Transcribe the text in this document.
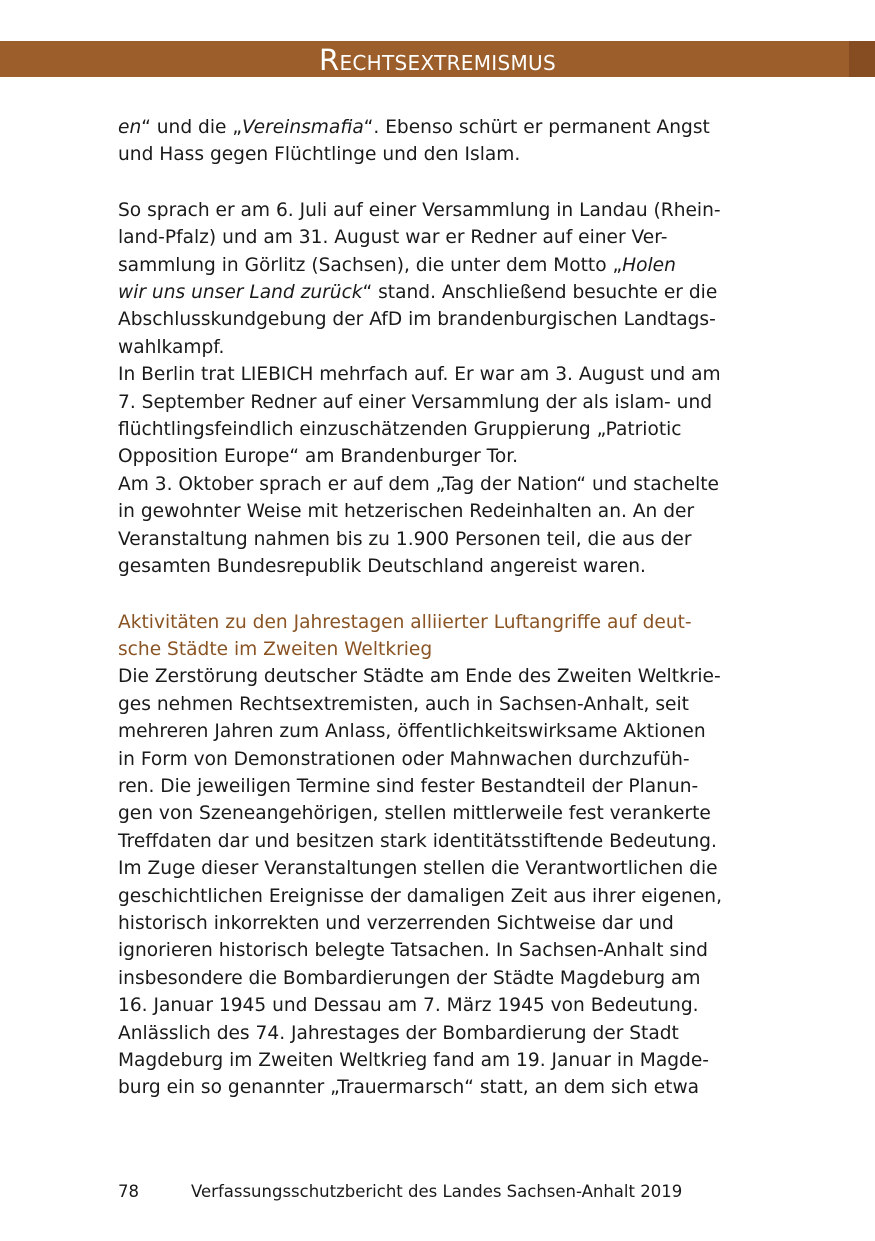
Rechtsextremismus

en“ und die „Vereinsmafia“. Ebenso schürt er permanent Angst
und Hass gegen Flüchtlinge und den Islam.

So sprach er am 6. Juli auf einer Versammlung in Landau (Rhein-
land-Pfalz) und am 31. August war er Redner auf einer Ver-
sammlung in Görlitz (Sachsen), die unter dem Motto „Holen
wir uns unser Land zurück“ stand. Anschließend besuchte er die
Abschlusskundgebung der AfD im brandenburgischen Landtags-
wahlkampf.

In Berlin trat LIEBICH mehrfach auf. Er war am 3. August und am
7. September Redner auf einer Versammlung der als islam- und
flüchtlingsfeindlich einzuschätzenden Gruppierung „Patriotic
Opposition Europe“ am Brandenburger Tor.

Am 3. Oktober sprach er auf dem „Tag der Nation“ und stachelte
in gewohnter Weise mit hetzerischen Redeinhalten an. An der
Veranstaltung nahmen bis zu 1.900 Personen teil, die aus der
gesamten Bundesrepublik Deutschland angereist waren.

Aktivitäten zu den Jahrestagen alliierter Luftangriffe auf deut-
sche Städte im Zweiten Weltkrieg

Die Zerstörung deutscher Städte am Ende des Zweiten Weltkrie-
ges nehmen Rechtsextremisten, auch in Sachsen-Anhalt, seit
mehreren Jahren zum Anlass, öffentlichkeitswirksame Aktionen
in Form von Demonstrationen oder Mahnwachen durchzufüh-
ren. Die jeweiligen Termine sind fester Bestandteil der Planun-
gen von Szeneangehörigen, stellen mittlerweile fest verankerte
Treffdaten dar und besitzen stark identitätsstiftende Bedeutung.

Im Zuge dieser Veranstaltungen stellen die Verantwortlichen die
geschichtlichen Ereignisse der damaligen Zeit aus ihrer eigenen,
historisch inkorrekten und verzerrenden Sichtweise dar und
ignorieren historisch belegte Tatsachen. In Sachsen-Anhalt sind
insbesondere die Bombardierungen der Städte Magdeburg am
16. Januar 1945 und Dessau am 7. März 1945 von Bedeutung.

Anlässlich des 74. Jahrestages der Bombardierung der Stadt
Magdeburg im Zweiten Weltkrieg fand am 19. Januar in Magde-
burg ein so genannter „Trauermarsch“ statt, an dem sich etwa

78	Verfassungsschutzbericht des Landes Sachsen-Anhalt 2019
